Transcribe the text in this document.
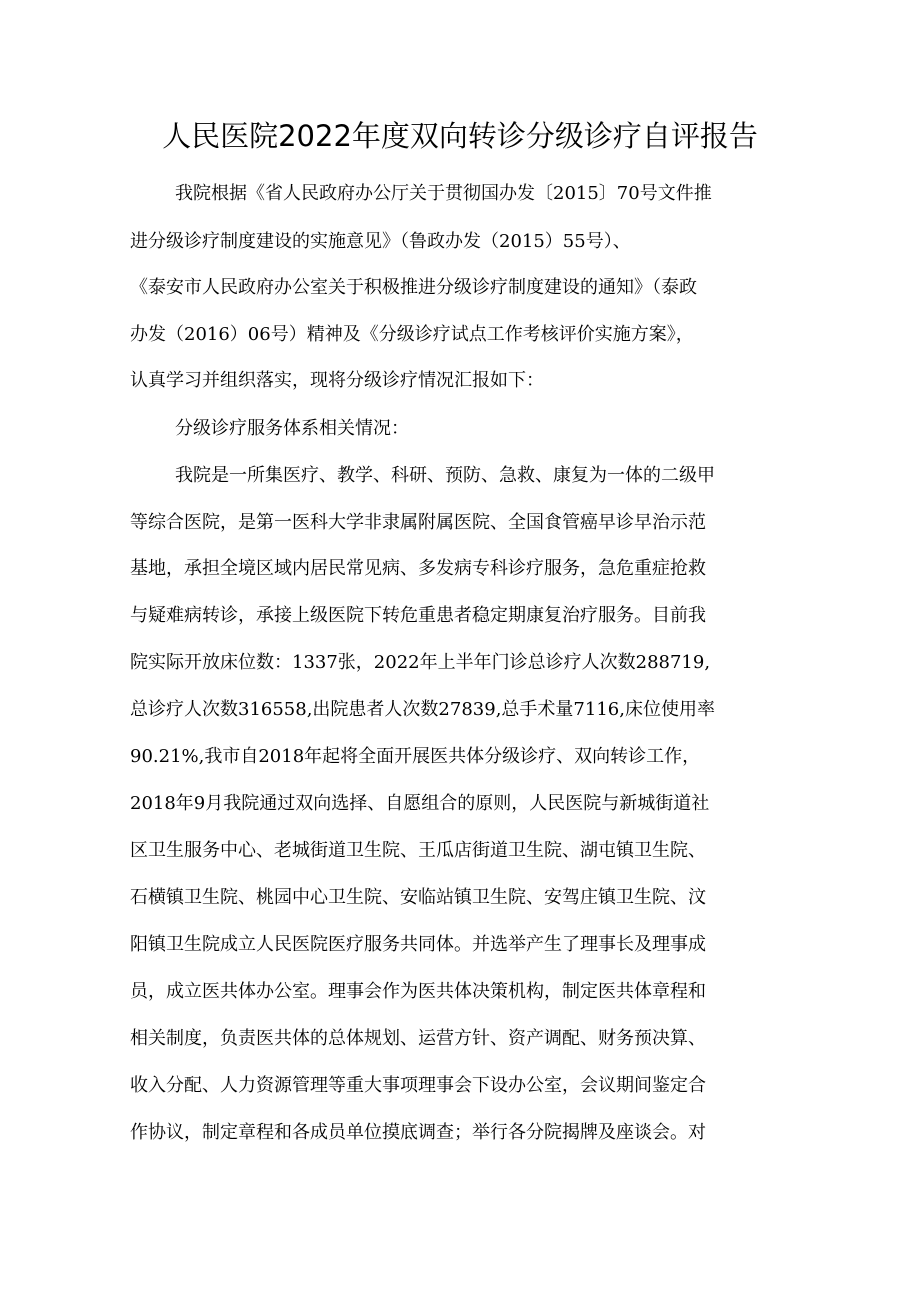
人民医院2022年度双向转诊分级诊疗自评报告
我院根据《省人民政府办公厅关于贯彻国办发〔2015〕70号文件推
进分级诊疗制度建设的实施意见》（鲁政办发（2015）55号）、
《泰安市人民政府办公室关于积极推进分级诊疗制度建设的通知》（泰政
办发（2016）06号）精神及《分级诊疗试点工作考核评价实施方案》，
认真学习并组织落实，现将分级诊疗情况汇报如下：
分级诊疗服务体系相关情况：
我院是一所集医疗、教学、科研、预防、急救、康复为一体的二级甲
等综合医院，是第一医科大学非隶属附属医院、全国食管癌早诊早治示范
基地，承担全境区域内居民常见病、多发病专科诊疗服务，急危重症抢救
与疑难病转诊，承接上级医院下转危重患者稳定期康复治疗服务。目前我
院实际开放床位数：1337张，2022年上半年门诊总诊疗人次数288719,
总诊疗人次数316558,出院患者人次数27839,总手术量7116,床位使用率
90.21%,我市自2018年起将全面开展医共体分级诊疗、双向转诊工作，
2018年9月我院通过双向选择、自愿组合的原则，人民医院与新城街道社
区卫生服务中心、老城街道卫生院、王瓜店街道卫生院、湖屯镇卫生院、
石横镇卫生院、桃园中心卫生院、安临站镇卫生院、安驾庄镇卫生院、汶
阳镇卫生院成立人民医院医疗服务共同体。并选举产生了理事长及理事成
员，成立医共体办公室。理事会作为医共体决策机构，制定医共体章程和
相关制度，负责医共体的总体规划、运营方针、资产调配、财务预决算、
收入分配、人力资源管理等重大事项理事会下设办公室，会议期间鉴定合
作协议，制定章程和各成员单位摸底调查；举行各分院揭牌及座谈会。对
